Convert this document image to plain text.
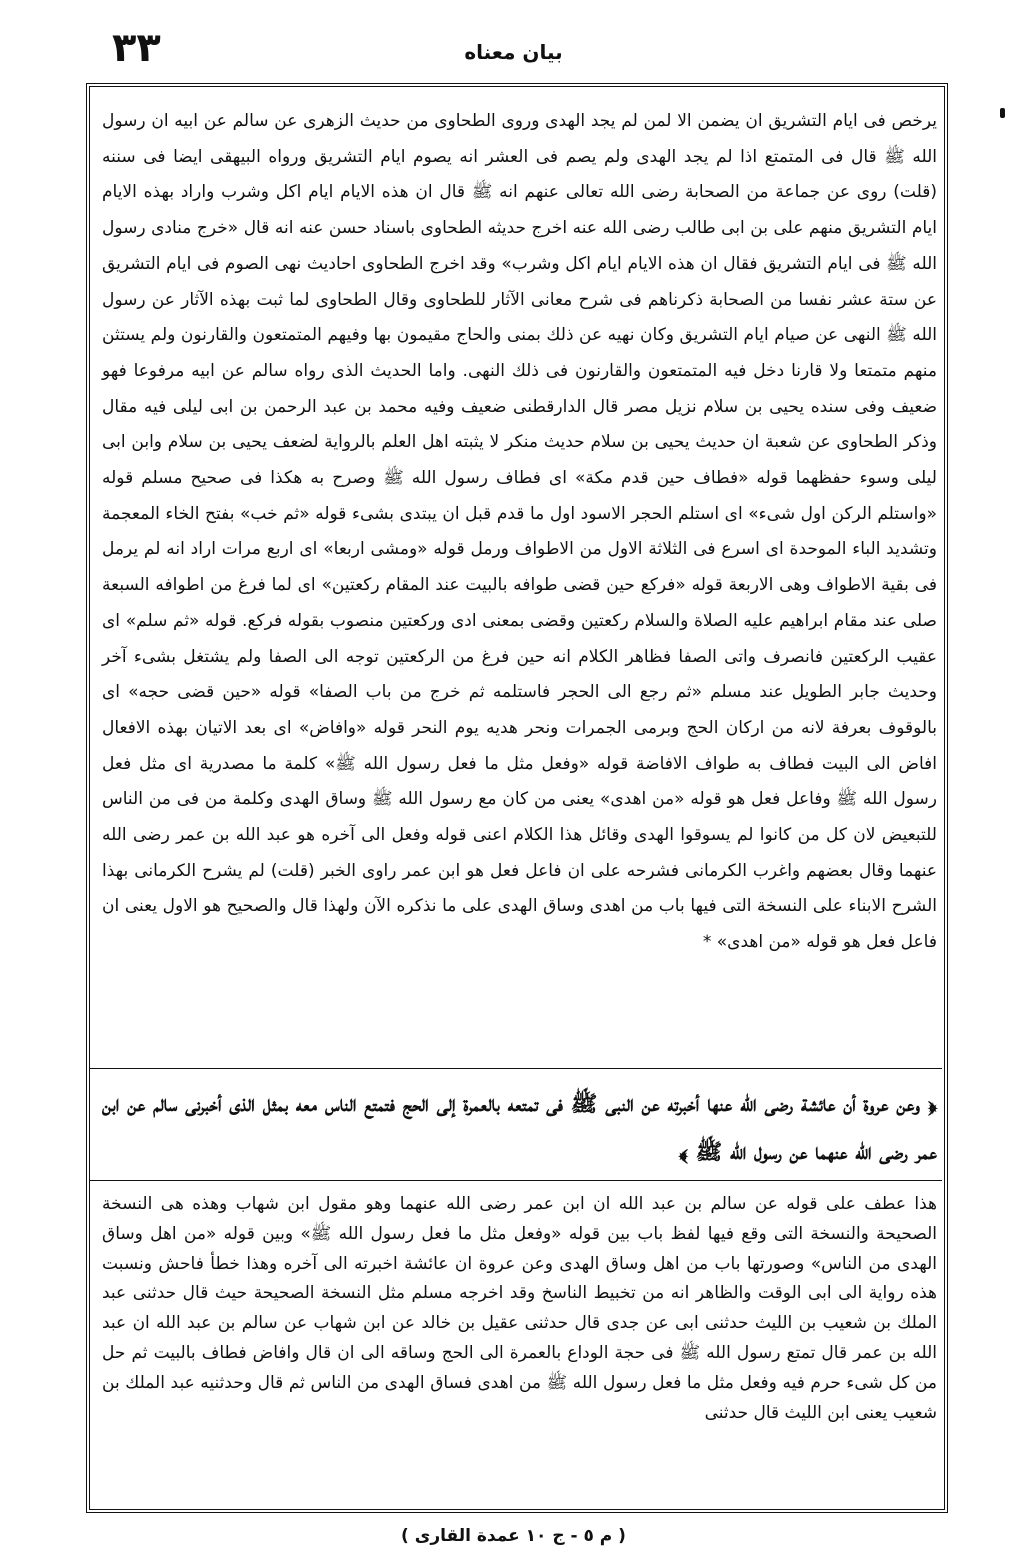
٣٣	بيان معناه

يرخص فى ايام التشريق ان يضمن الا لمن لم يجد الهدى وروى الطحاوى من حديث الزهرى عن سالم عن ابيه ان رسول الله ﷺ قال فى المتمتع اذا لم يجد الهدى ولم يصم فى العشر انه يصوم ايام التشريق ورواه البيهقى ايضا فى سننه (قلت) روى عن جماعة من الصحابة رضى الله تعالى عنهم انه ﷺ قال ان هذه الايام ايام اكل وشرب واراد بهذه الايام ايام التشريق منهم على بن ابى طالب رضى الله عنه اخرج حديثه الطحاوى باسناد حسن عنه انه قال «خرج منادى رسول الله ﷺ فى ايام التشريق فقال ان هذه الايام ايام اكل وشرب» وقد اخرج الطحاوى احاديث نهى الصوم فى ايام التشريق عن ستة عشر نفسا من الصحابة ذكرناهم فى شرح معانى الآثار للطحاوى وقال الطحاوى لما ثبت بهذه الآثار عن رسول الله ﷺ النهى عن صيام ايام التشريق وكان نهيه عن ذلك بمنى والحاج مقيمون بها وفيهم المتمتعون والقارنون ولم يستثن منهم متمتعا ولا قارنا دخل فيه المتمتعون والقارنون فى ذلك النهى. واما الحديث الذى رواه سالم عن ابيه مرفوعا فهو ضعيف وفى سنده يحيى بن سلام نزيل مصر قال الدارقطنى ضعيف وفيه محمد بن عبد الرحمن بن ابى ليلى فيه مقال وذكر الطحاوى عن شعبة ان حديث يحيى بن سلام حديث منكر لا يثبته اهل العلم بالرواية لضعف يحيى بن سلام وابن ابى ليلى وسوء حفظهما قوله «فطاف حين قدم مكة» اى فطاف رسول الله ﷺ وصرح به هكذا فى صحيح مسلم قوله «واستلم الركن اول شىء» اى استلم الحجر الاسود اول ما قدم قبل ان يبتدى بشىء قوله «ثم خب» بفتح الخاء المعجمة وتشديد الباء الموحدة اى اسرع فى الثلاثة الاول من الاطواف ورمل قوله «ومشى اربعا» اى اربع مرات اراد انه لم يرمل فى بقية الاطواف وهى الاربعة قوله «فركع حين قضى طوافه بالبيت عند المقام ركعتين» اى لما فرغ من اطوافه السبعة صلى عند مقام ابراهيم عليه الصلاة والسلام ركعتين وقضى بمعنى ادى وركعتين منصوب بقوله فركع. قوله «ثم سلم» اى عقيب الركعتين فانصرف واتى الصفا فظاهر الكلام انه حين فرغ من الركعتين توجه الى الصفا ولم يشتغل بشىء آخر وحديث جابر الطويل عند مسلم «ثم رجع الى الحجر فاستلمه ثم خرج من باب الصفا» قوله «حين قضى حجه» اى بالوقوف بعرفة لانه من اركان الحج وبرمى الجمرات ونحر هديه يوم النحر قوله «وافاض» اى بعد الاتيان بهذه الافعال افاض الى البيت فطاف به طواف الافاضة قوله «وفعل مثل ما فعل رسول الله ﷺ» كلمة ما مصدرية اى مثل فعل رسول الله ﷺ وفاعل فعل هو قوله «من اهدى» يعنى من كان مع رسول الله ﷺ وساق الهدى وكلمة من فى من الناس للتبعيض لان كل من كانوا لم يسوقوا الهدى وقائل هذا الكلام اعنى قوله وفعل الى آخره هو عبد الله بن عمر رضى الله عنهما وقال بعضهم واغرب الكرمانى فشرحه على ان فاعل فعل هو ابن عمر راوى الخبر (قلت) لم يشرح الكرمانى بهذا الشرح الابناء على النسخة التى فيها باب من اهدى وساق الهدى على ما نذكره الآن ولهذا قال والصحيح هو الاول يعنى ان فاعل فعل هو قوله «من اهدى» *

﴿ وعن عروة أن عائشة رضى الله عنها أخبرته عن النبى ﷺ فى تمتعه بالعمرة إلى الحج فتمتع الناس معه بمثل الذى أخبرنى سالم عن ابن عمر رضى الله عنهما عن رسول الله ﷺ ﴾

هذا عطف على قوله عن سالم بن عبد الله ان ابن عمر رضى الله عنهما وهو مقول ابن شهاب وهذه هى النسخة الصحيحة والنسخة التى وقع فيها لفظ باب بين قوله «وفعل مثل ما فعل رسول الله ﷺ» وبين قوله «من اهل وساق الهدى من الناس» وصورتها باب من اهل وساق الهدى وعن عروة ان عائشة اخبرته الى آخره وهذا خطأ فاحش ونسبت هذه رواية الى ابى الوقت والظاهر انه من تخبيط الناسخ وقد اخرجه مسلم مثل النسخة الصحيحة حيث قال حدثنى عبد الملك بن شعيب بن الليث حدثنى ابى عن جدى قال حدثنى عقيل بن خالد عن ابن شهاب عن سالم بن عبد الله ان عبد الله بن عمر قال تمتع رسول الله ﷺ فى حجة الوداع بالعمرة الى الحج وساقه الى ان قال وافاض فطاف بالبيت ثم حل من كل شىء حرم فيه وفعل مثل ما فعل رسول الله ﷺ من اهدى فساق الهدى من الناس ثم قال وحدثنيه عبد الملك بن شعيب يعنى ابن الليث قال حدثنى

( م ٥ - ج ١٠ عمدة القارى )
